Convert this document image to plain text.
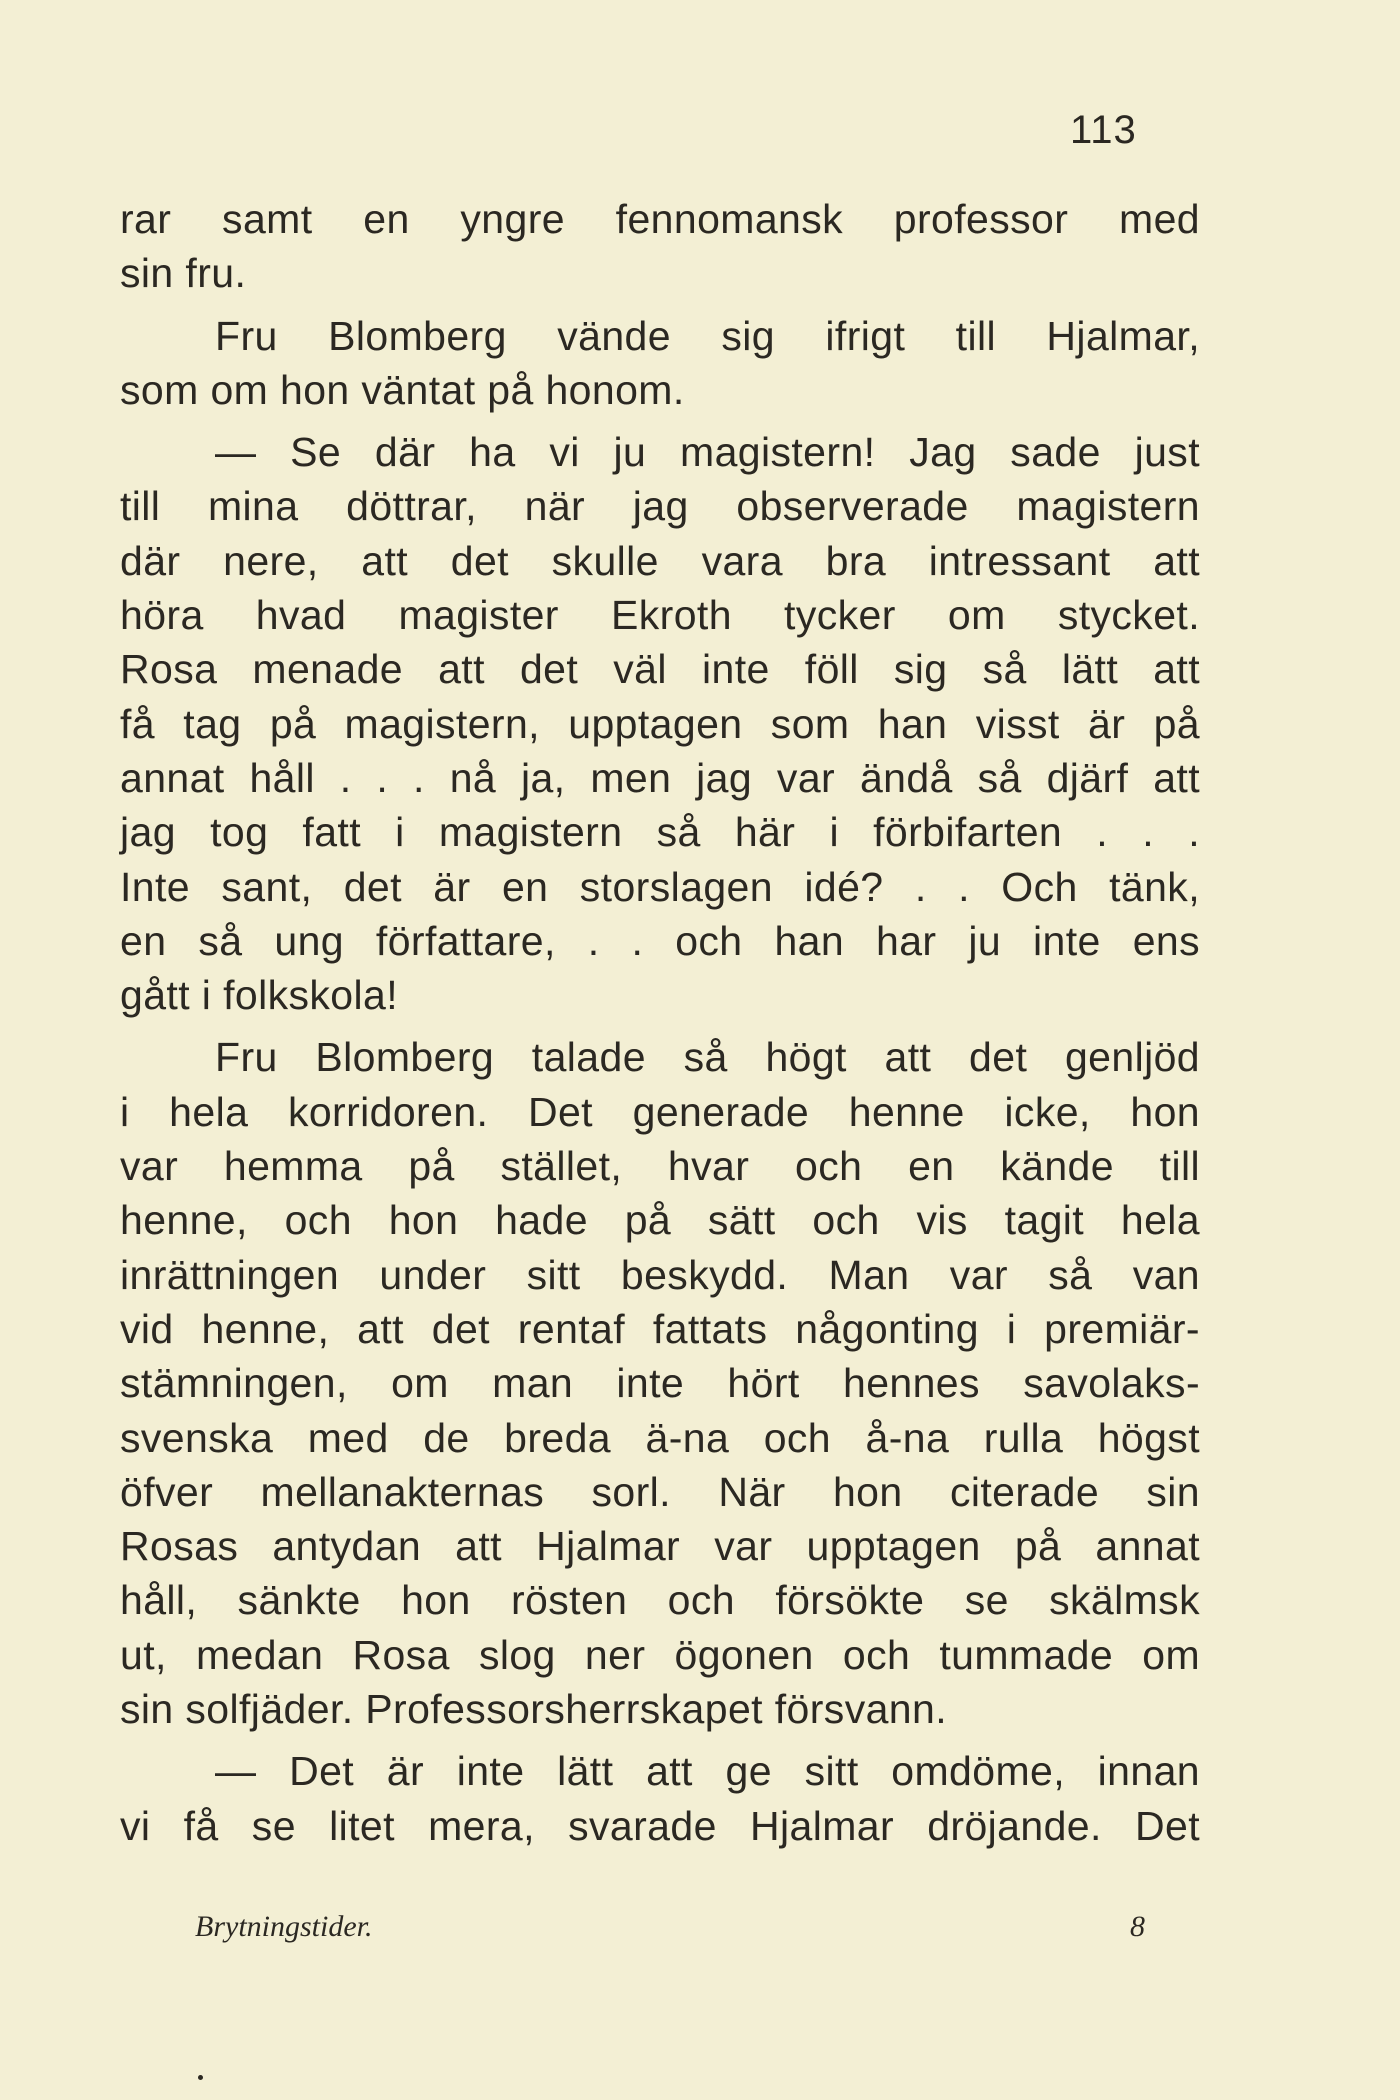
113
rar samt en yngre fennomansk professor med
sin fru.
Fru Blomberg vände sig ifrigt till Hjalmar,
som om hon väntat på honom.
— Se där ha vi ju magistern! Jag sade just
till mina döttrar, när jag observerade magistern
där nere, att det skulle vara bra intressant att
höra hvad magister Ekroth tycker om stycket.
Rosa menade att det väl inte föll sig så lätt att
få tag på magistern, upptagen som han visst är på
annat håll . . . nå ja, men jag var ändå så djärf att
jag tog fatt i magistern så här i förbifarten . . .
Inte sant, det är en storslagen idé? . . Och tänk,
en så ung författare, . . och han har ju inte ens
gått i folkskola!
Fru Blomberg talade så högt att det genljöd
i hela korridoren. Det generade henne icke, hon
var hemma på stället, hvar och en kände till
henne, och hon hade på sätt och vis tagit hela
inrättningen under sitt beskydd. Man var så van
vid henne, att det rentaf fattats någonting i premiär-
stämningen, om man inte hört hennes savolaks-
svenska med de breda ä-na och å-na rulla högst
öfver mellanakternas sorl. När hon citerade sin
Rosas antydan att Hjalmar var upptagen på annat
håll, sänkte hon rösten och försökte se skälmsk
ut, medan Rosa slog ner ögonen och tummade om
sin solfjäder. Professorsherrskapet försvann.
— Det är inte lätt att ge sitt omdöme, innan
vi få se litet mera, svarade Hjalmar dröjande. Det
Brytningstider.	8
